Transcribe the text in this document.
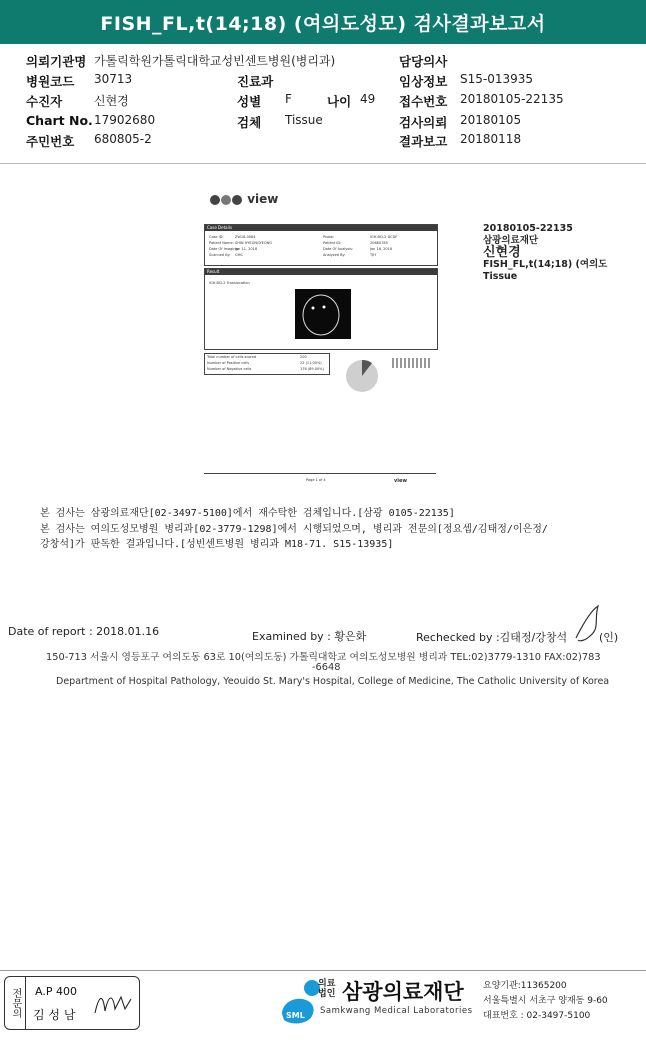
FISH_FL,t(14;18) (여의도성모) 검사결과보고서
의뢰기관명 가톨릭학원가톨릭대학교성빈센트병원(병리과)	담당의사
병원코드 30713	진료과	임상정보 S15-013935
수진자	신현경	성별 F	나이 49 접수번호 20180105-22135
Chart No. 17902680	검체 Tissue	검사의뢰 20180105
주민번호 680805-2	결과보고 20180118
view
Case Details
Case ID:	ZW18-0084
Patient Name: SHIN HYEONGYEONG
Date Of Imaging:
Jan 11, 2018
Scanned By: CMC
Probe:	IGH-BCL2 DCDF
Patient ID:	20680785
Date Of Analysis:	Jan 16, 2018
Analyzed By:	TJH
Result
IGH-BCL2 Translocation
Total number of cells scored	200
Number of Positive cells	22 (11.00%)
Number of Negative cells	178 (89.00%)
Page 1 of 4	view
20180105-22135
삼광의료재단
신현경
FISH_FL,t(14;18) (여의도
Tissue
본 검사는 삼광의료재단[02-3497-5100]에서 재수탁한 검체입니다.[삼광 0105-22135]
본 검사는 여의도성모병원 병리과[02-3779-1298]에서 시행되었으며, 병리과 전문의[정요셉/김태정/이은정/
강창석]가 판독한 결과입니다.[성빈센트병원 병리과 M18-71. S15-13935]
Date of report : 2018.01.16	Examined by : 황은화	Rechecked by :김태정/강창석	(인)
150-713 서울시 영등포구 여의도동 63로 10(여의도동) 가톨릭대학교 여의도성모병원 병리과 TEL:02)3779-1310 FAX:02)783
-6648
Department of Hospital Pathology, Yeouido St. Mary's Hospital, College of Medicine, The Catholic University of Korea
전문의	A.P 400
김 성 남	SML
의료법인 삼광의료재단
Samkwang Medical Laboratories
요양기관:11365200
서울특별시 서초구 양재동 9-60
대표번호 : 02-3497-5100
